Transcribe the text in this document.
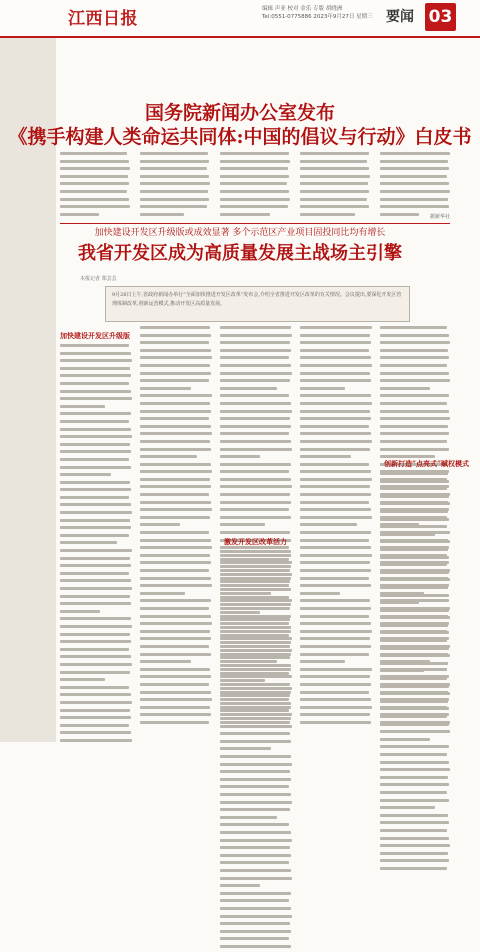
江西日报	编辑 声亚 校对 金乐 专版 胡晓洲
Tel:0551-0775886 2023年9月27日 星期三 要闻 03
国务院新闻办公室发布
《携手构建人类命运共同体:中国的倡议与行动》白皮书
据新华社
加快建设开发区升级版或成效显著 多个示范区产业项目固投同比均有增长
我省开发区成为高质量发展主战场主引擎
本报记者 郑芸芸
9月26日上午,省政府新闻办举行“全面加快推进开发区改革”发布会,介绍全省推进开发区改革的有关情况。会议提出,要深化开发区管理体制改革,创新运营模式,推动开发区高质量发展。
加快建设开发区升级版
激发开发区改革活力
创新打造“点亮式”赋权模式
